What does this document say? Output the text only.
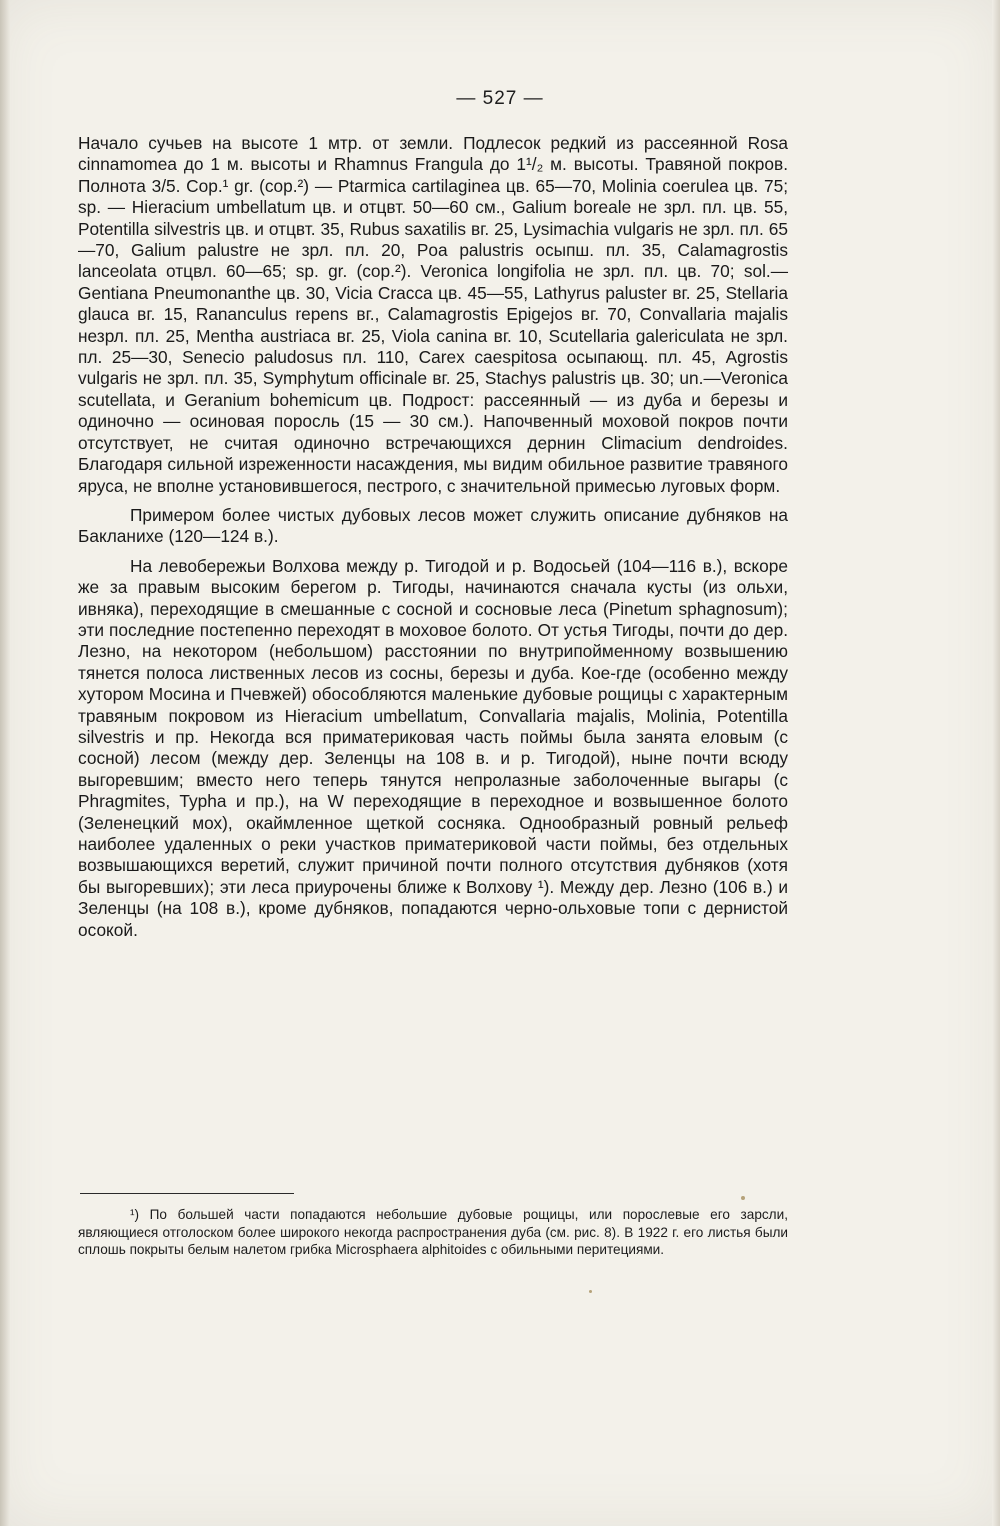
— 527 —

Начало сучьев на высоте 1 мтр. от земли. Подлесок редкий из рассеянной Rosa cinnamomea до 1 м. высоты и Rhamnus Frangula до 1¹/₂ м. высоты. Травяной покров. Полнота 3/5. Cop.¹ gr. (cop.²) — Ptarmica cartilaginea цв. 65—70, Molinia coerulea цв. 75; sp. — Hieracium umbellatum цв. и отцвт. 50—60 см., Galium boreale не зрл. пл. цв. 55, Potentilla silvestris цв. и отцвт. 35, Rubus saxatilis вг. 25, Lysimachia vulgaris не зрл. пл. 65—70, Galium palustre не зрл. пл. 20, Poa palustris осыпш. пл. 35, Calamagrostis lanceolata отцвл. 60—65; sp. gr. (cop.²). Veronica longifolia не зрл. пл. цв. 70; sol.—Gentiana Pneumonanthe цв. 30, Vicia Cracca цв. 45—55, Lathyrus paluster вг. 25, Stellaria glauca вг. 15, Rananculus repens вг., Calamagrostis Epigejos вг. 70, Convallaria majalis незрл. пл. 25, Mentha austriaca вг. 25, Viola canina вг. 10, Scutellaria galericulata не зрл. пл. 25—30, Senecio paludosus пл. 110, Carex caespitosa осыпающ. пл. 45, Agrostis vulgaris не зрл. пл. 35, Symphytum officinale вг. 25, Stachys palustris цв. 30; un.—Veronica scutellata, и Geranium bohemicum цв. Подрост: рассеянный — из дуба и березы и одиночно — осиновая поросль (15 — 30 см.). Напочвенный моховой покров почти отсутствует, не считая одиночно встречающихся дернин Climacium dendroides. Благодаря сильной изреженности насаждения, мы видим обильное развитие травяного яруса, не вполне установившегося, пестрого, с значительной примесью луговых форм.

Примером более чистых дубовых лесов может служить описание дубняков на Бакланихе (120—124 в.).

На левобережьи Волхова между р. Тигодой и р. Водосьей (104—116 в.), вскоре же за правым высоким берегом р. Тигоды, начинаются сначала кусты (из ольхи, ивняка), переходящие в смешанные с сосной и сосновые леса (Pinetum sphagnosum); эти последние постепенно переходят в моховое болото. От устья Тигоды, почти до дер. Лезно, на некотором (небольшом) расстоянии по внутрипойменному возвышению тянется полоса лиственных лесов из сосны, березы и дуба. Кое-где (особенно между хутором Мосина и Пчевжей) обособляются маленькие дубовые рощицы с характерным травяным покровом из Hieracium umbellatum, Convallaria majalis, Molinia, Potentilla silvestris и пр. Некогда вся приматериковая часть поймы была занята еловым (с сосной) лесом (между дер. Зеленцы на 108 в. и р. Тигодой), ныне почти всюду выгоревшим; вместо него теперь тянутся непролазные заболоченные выгары (с Phragmites, Typha и пр.), на W переходящие в переходное и возвышенное болото (Зеленецкий мох), окаймленное щеткой сосняка. Однообразный ровный рельеф наиболее удаленных о реки участков приматериковой части поймы, без отдельных возвышающихся веретий, служит причиной почти полного отсутствия дубняков (хотя бы выгоревших); эти леса приурочены ближе к Волхову ¹). Между дер. Лезно (106 в.) и Зеленцы (на 108 в.), кроме дубняков, попадаются черно-ольховые топи с дернистой осокой.

¹) По большей части попадаются небольшие дубовые рощицы, или порослевые его зарсли, являющиеся отголоском более широкого некогда распространения дуба (см. рис. 8). В 1922 г. его листья были сплошь покрыты белым налетом грибка Microsphaera alphitoides с обильными перитециями.
